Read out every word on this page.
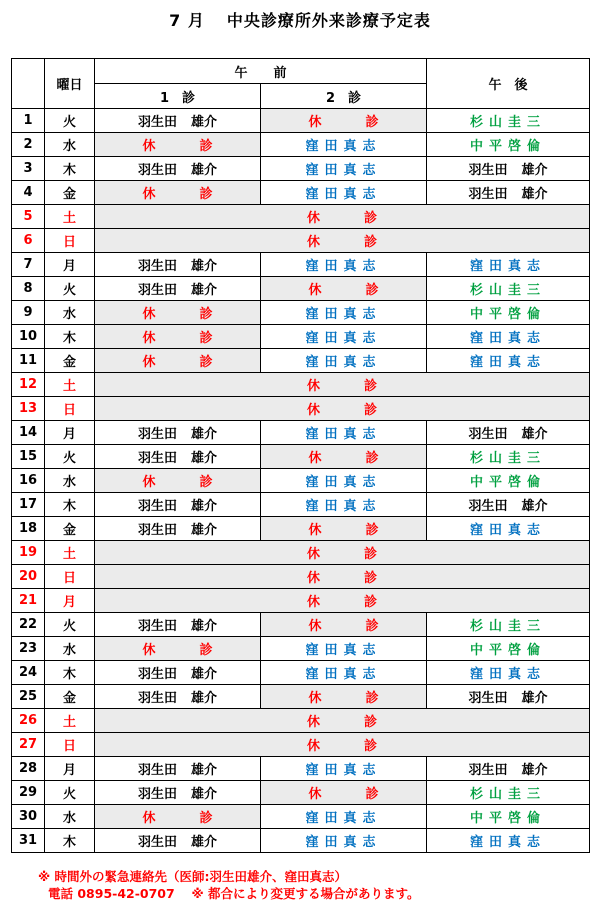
7 月 中央診療所外来診療予定表
	曜日	午　　前		午　後
		1　診	2　診	
1	火	羽生田 雄介	休 診	杉山圭三
2	水	休 診	窪田真志	中平啓倫
3	木	羽生田 雄介	窪田真志	羽生田 雄介
4	金	休 診	窪田真志	羽生田 雄介
5	土	休 診		
6	日	休 診		
7	月	羽生田 雄介	窪田真志	窪田真志
8	火	羽生田 雄介	休 診	杉山圭三
9	水	休 診	窪田真志	中平啓倫
10	木	休 診	窪田真志	窪田真志
11	金	休 診	窪田真志	窪田真志
12	土	休 診		
13	日	休 診		
14	月	羽生田 雄介	窪田真志	羽生田 雄介
15	火	羽生田 雄介	休 診	杉山圭三
16	水	休 診	窪田真志	中平啓倫
17	木	羽生田 雄介	窪田真志	羽生田 雄介
18	金	羽生田 雄介	休 診	窪田真志
19	土	休 診		
20	日	休 診		
21	月	休 診		
22	火	羽生田 雄介	休 診	杉山圭三
23	水	休 診	窪田真志	中平啓倫
24	木	羽生田 雄介	窪田真志	窪田真志
25	金	羽生田 雄介	休 診	羽生田 雄介
26	土	休 診		
27	日	休 診		
28	月	羽生田 雄介	窪田真志	羽生田 雄介
29	火	羽生田 雄介	休 診	杉山圭三
30	水	休 診	窪田真志	中平啓倫
31	木	羽生田 雄介	窪田真志	窪田真志
※ 時間外の緊急連絡先（医師:羽生田雄介、窪田真志）
電話 0895-42-0707　 ※ 都合により変更する場合があります。
